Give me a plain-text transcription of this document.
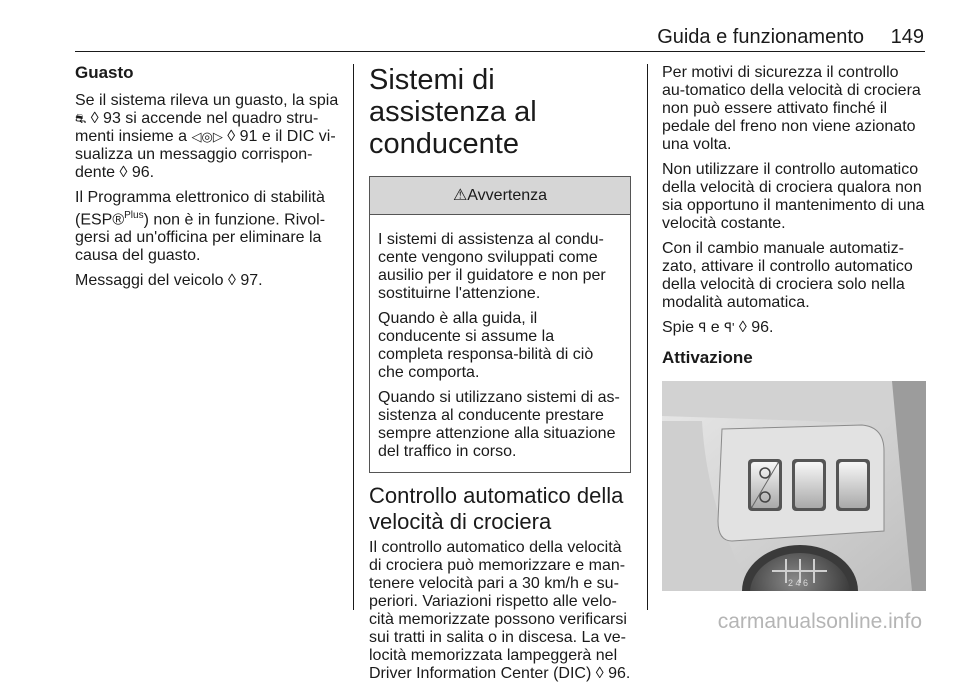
Guida e funzionamento 149
Guasto

Se il sistema rileva un guasto, la spia ⛐ ◊ 93 si accende nel quadro stru-menti insieme a ◁◎▷ ◊ 91 e il DIC vi-sualizza un messaggio corrispon-dente ◊ 96.

Il Programma elettronico di stabilità (ESP®$^{Plus}$) non è in funzione. Rivol-gersi ad un'officina per eliminare la causa del guasto.

Messaggi del veicolo ◊ 97.

Sistemi di assistenza al conducente
⚠Avvertenza

I sistemi di assistenza al condu-cente vengono sviluppati come ausilio per il guidatore e non per sostituirne l'attenzione.

Quando è alla guida, il conducente si assume la completa responsa-bilità di ciò che comporta.

Quando si utilizzano sistemi di as-sistenza al conducente prestare sempre attenzione alla situazione del traffico in corso.

Controllo automatico della velocità di crociera

Il controllo automatico della velocità di crociera può memorizzare e man-tenere velocità pari a 30 km/h e su-periori. Variazioni rispetto alle velo-cità memorizzate possono verificarsi sui tratti in salita o in discesa. La ve-locità memorizzata lampeggerà nel Driver Information Center (DIC) ◊ 96.

Per motivi di sicurezza il controllo au-tomatico della velocità di crociera non può essere attivato finché il pedale del freno non viene azionato una volta.

Non utilizzare il controllo automatico della velocità di crociera qualora non sia opportuno il mantenimento di una velocità costante.

Con il cambio manuale automatiz-zato, attivare il controllo automatico della velocità di crociera solo nella modalità automatica.

Spie ꟼ e ꟼ' ◊ 96.

Attivazione
2 4 6
carmanualsonline.info
